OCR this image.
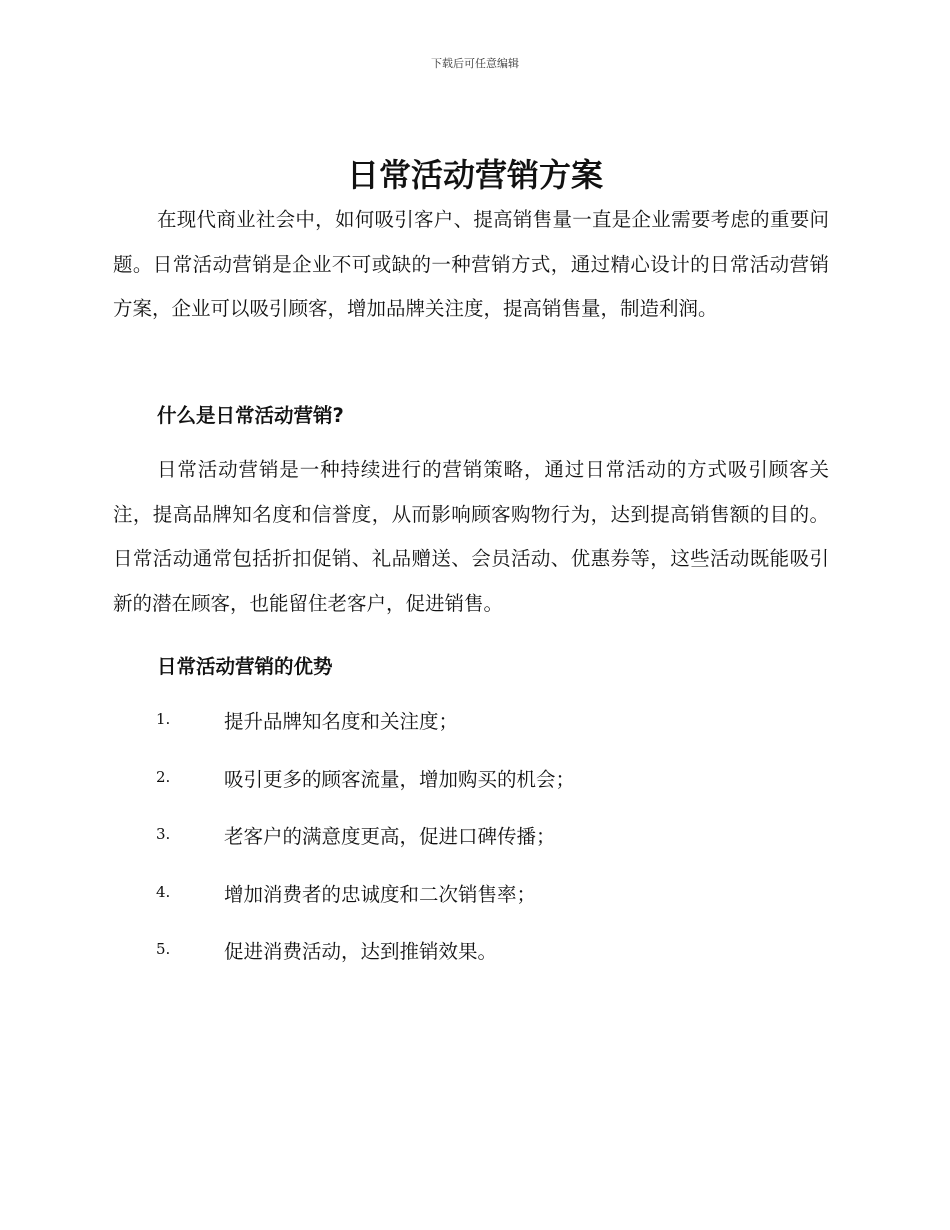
下载后可任意编辑
日常活动营销方案

在现代商业社会中，如何吸引客户、提高销售量一直是企业需要考虑的重要问题。日常活动营销是企业不可或缺的一种营销方式，通过精心设计的日常活动营销方案，企业可以吸引顾客，增加品牌关注度，提高销售量，制造利润。

什么是日常活动营销?

日常活动营销是一种持续进行的营销策略，通过日常活动的方式吸引顾客关注，提高品牌知名度和信誉度，从而影响顾客购物行为，达到提高销售额的目的。日常活动通常包括折扣促销、礼品赠送、会员活动、优惠券等，这些活动既能吸引新的潜在顾客，也能留住老客户，促进销售。

日常活动营销的优势
1.	提升品牌知名度和关注度；
2.	吸引更多的顾客流量，增加购买的机会；
3.	老客户的满意度更高，促进口碑传播；
4.	增加消费者的忠诚度和二次销售率；
5.	促进消费活动，达到推销效果。
